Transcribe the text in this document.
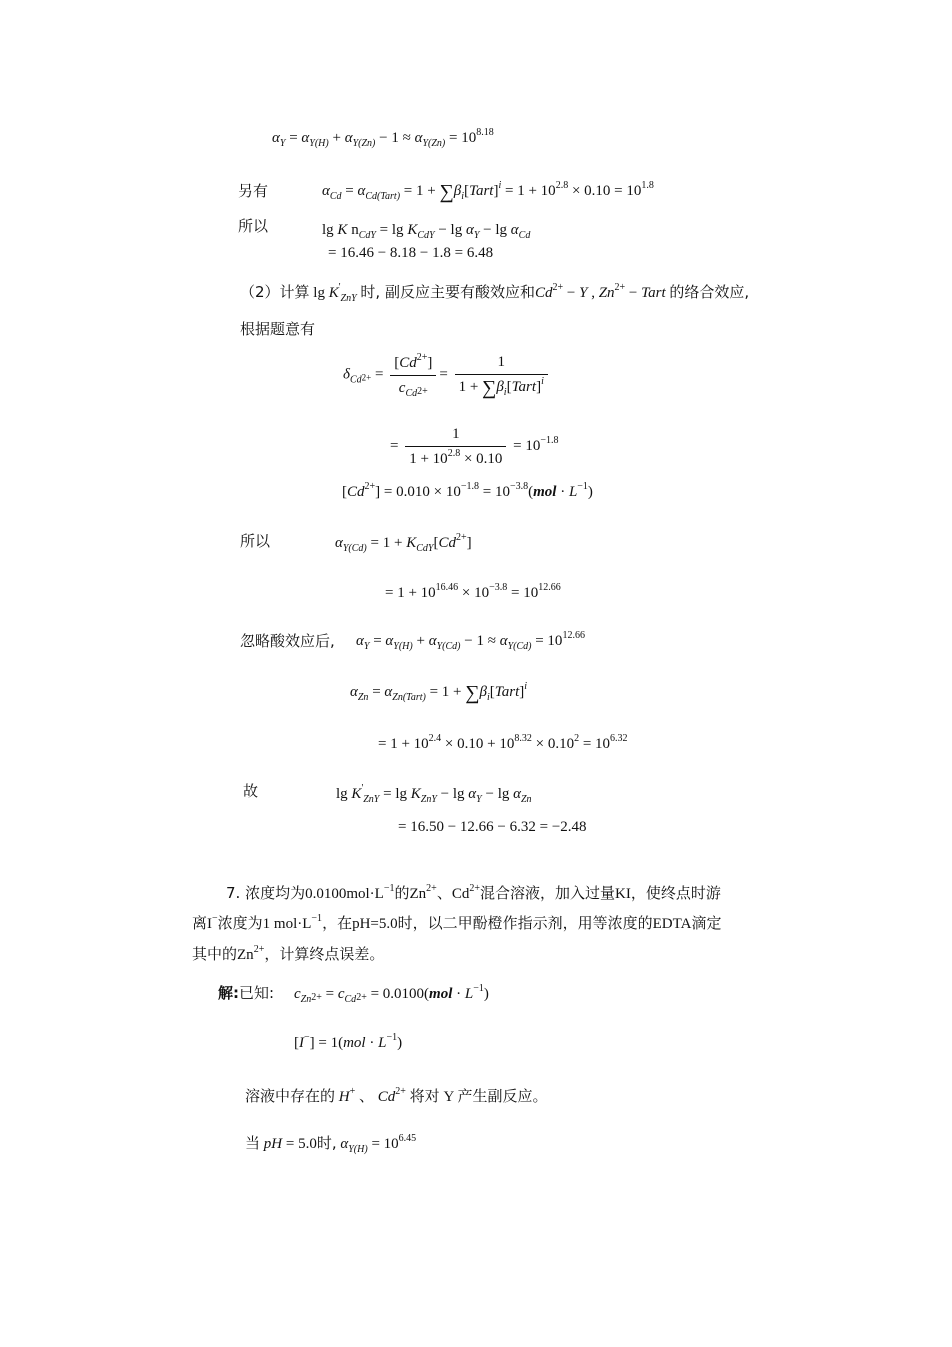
$\alpha_Y = \alpha_{Y(H)} + \alpha_{Y(Zn)} - 1 \approx \alpha_{Y(Zn)} = 10^{8.18}$
另有	$\alpha_{Cd} = \alpha_{Cd(Tart)} = 1$ + $\sum\beta_i[Tart]^i = 1 + 10^{2.8} \times 0.10 = 10^{1.8}$
所以	lg K $n_{CdY} = \lg K_{CdY} - \lg \alpha_Y - \lg \alpha_{Cd}$
= 16.46 − 8.18 − 1.8 = 6.48
（2）计算 $\lg K'_{ZnY}$ 时, 副反应主要有酸效应和$Cd^{2+} - Y$ , $Zn^{2+}$ − Tart 的络合效应,
根据题意有
$\delta_{Cd}^{2+} = \frac{[Cd^{2+}]}{c_{Cd}^{2+}} = \frac{1}{1 + \sum\beta_i[Tart]^i}$
= $\frac{1}{1 + 10^{2.8} \times 0.10} = 10^{-1.8}$
$[Cd^{2+}] = 0.010 \times 10^{-1.8} = 10^{-3.8}(mol \cdot L^{-1})$
所以	$\alpha_{Y(Cd)} = 1 + K_{CdY}[Cd^{2+}]$
= $1 + 10^{16.46} \times 10^{-3.8} = 10^{12.66}$
忽略酸效应后, $\alpha_Y = \alpha_{Y(H)} + \alpha_{Y(Cd)} - 1 \approx \alpha_{Y(Cd)} = 10^{12.66}$
$\alpha_{Zn} = \alpha_{Zn(Tart)} = 1$ + $\sum\beta_i[Tart]^i$
= $1 + 10^{2.4} \times 0.10 + 10^{8.32} \times 0.10^2 = 10^{6.32}$
故	$\lg K'_{ZnY} = \lg K_{ZnY} - \lg \alpha_Y - \lg \alpha_{Zn}$
= 16.50 − 12.66 − 6.32 = −2.48
7. 浓度均为$0.0100mol\cdot L^{-1}$的$Zn^{2+}$、$Cd^{2+}$混合溶液，加入过量KI，使终点时游
离I−浓度为1 $mol\cdot L^{-1}$，在pH=5.0时，以二甲酚橙作指示剂，用等浓度的EDTA滴定
其中的$Zn^{2+}$，计算终点误差。
解:已知: $c_{Zn}^{2+} = c_{Cd}^{2+} = 0.0100(mol \cdot L^{-1})$
$[I^-] = 1(mol \cdot L^{-1})$
溶液中存在的 H+ 、 $Cd^{2+}$ 将对 Y 产生副反应。
当 pH = 5.0时, $\alpha_{Y(H)} = 10^{6.45}$
